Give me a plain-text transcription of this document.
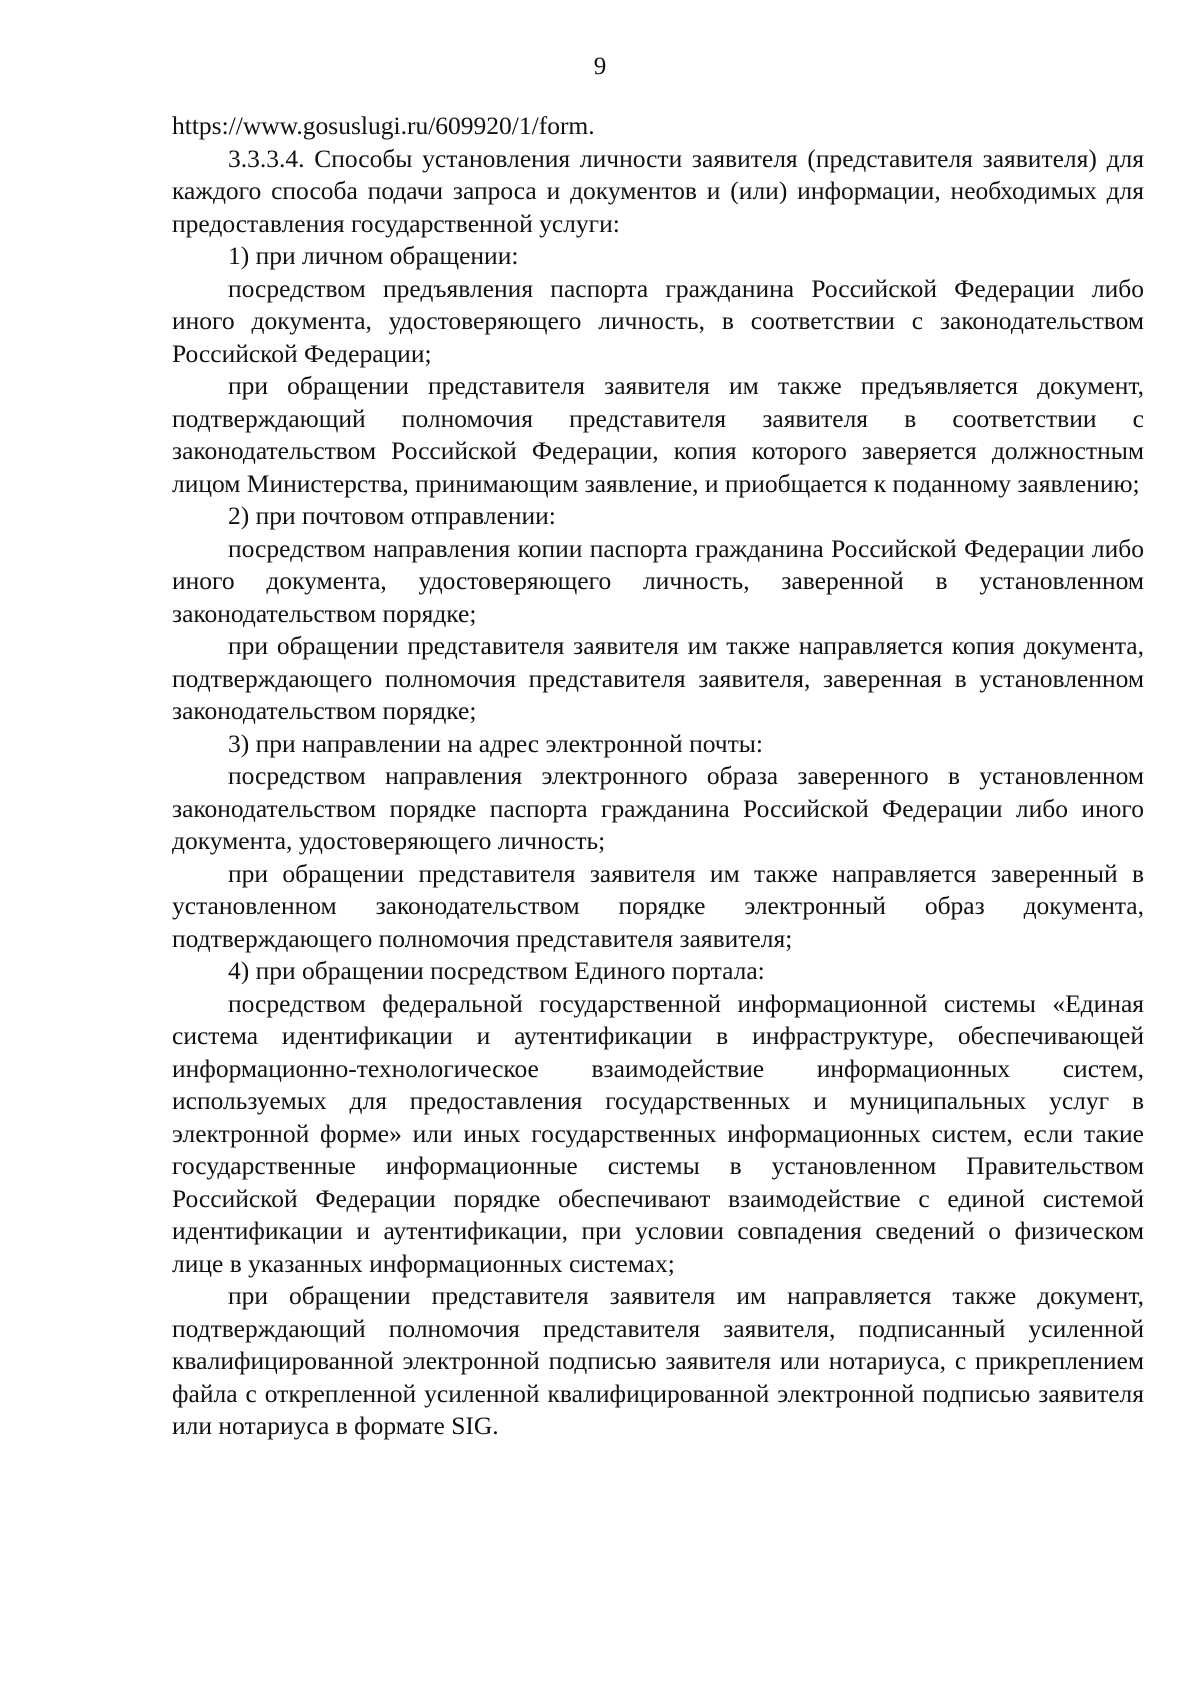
9

https://www.gosuslugi.ru/609920/1/form.

3.3.3.4. Способы установления личности заявителя (представителя заявителя) для каждого способа подачи запроса и документов и (или) информации, необходимых для предоставления государственной услуги:

1) при личном обращении:

посредством предъявления паспорта гражданина Российской Федерации либо иного документа, удостоверяющего личность, в соответствии с законодательством Российской Федерации;

при обращении представителя заявителя им также предъявляется документ, подтверждающий полномочия представителя заявителя в соответствии с законодательством Российской Федерации, копия которого заверяется должностным лицом Министерства, принимающим заявление, и приобщается к поданному заявлению;

2) при почтовом отправлении:

посредством направления копии паспорта гражданина Российской Федерации либо иного документа, удостоверяющего личность, заверенной в установленном законодательством порядке;

при обращении представителя заявителя им также направляется копия документа, подтверждающего полномочия представителя заявителя, заверенная в установленном законодательством порядке;

3) при направлении на адрес электронной почты:

посредством направления электронного образа заверенного в установленном законодательством порядке паспорта гражданина Российской Федерации либо иного документа, удостоверяющего личность;

при обращении представителя заявителя им также направляется заверенный в установленном законодательством порядке электронный образ документа, подтверждающего полномочия представителя заявителя;

4) при обращении посредством Единого портала:

посредством федеральной государственной информационной системы «Единая система идентификации и аутентификации в инфраструктуре, обеспечивающей информационно-технологическое взаимодействие информационных систем, используемых для предоставления государственных и муниципальных услуг в электронной форме» или иных государственных информационных систем, если такие государственные информационные системы в установленном Правительством Российской Федерации порядке обеспечивают взаимодействие с единой системой идентификации и аутентификации, при условии совпадения сведений о физическом лице в указанных информационных системах;

при обращении представителя заявителя им направляется также документ, подтверждающий полномочия представителя заявителя, подписанный усиленной квалифицированной электронной подписью заявителя или нотариуса, с прикреплением файла с открепленной усиленной квалифицированной электронной подписью заявителя или нотариуса в формате SIG.
